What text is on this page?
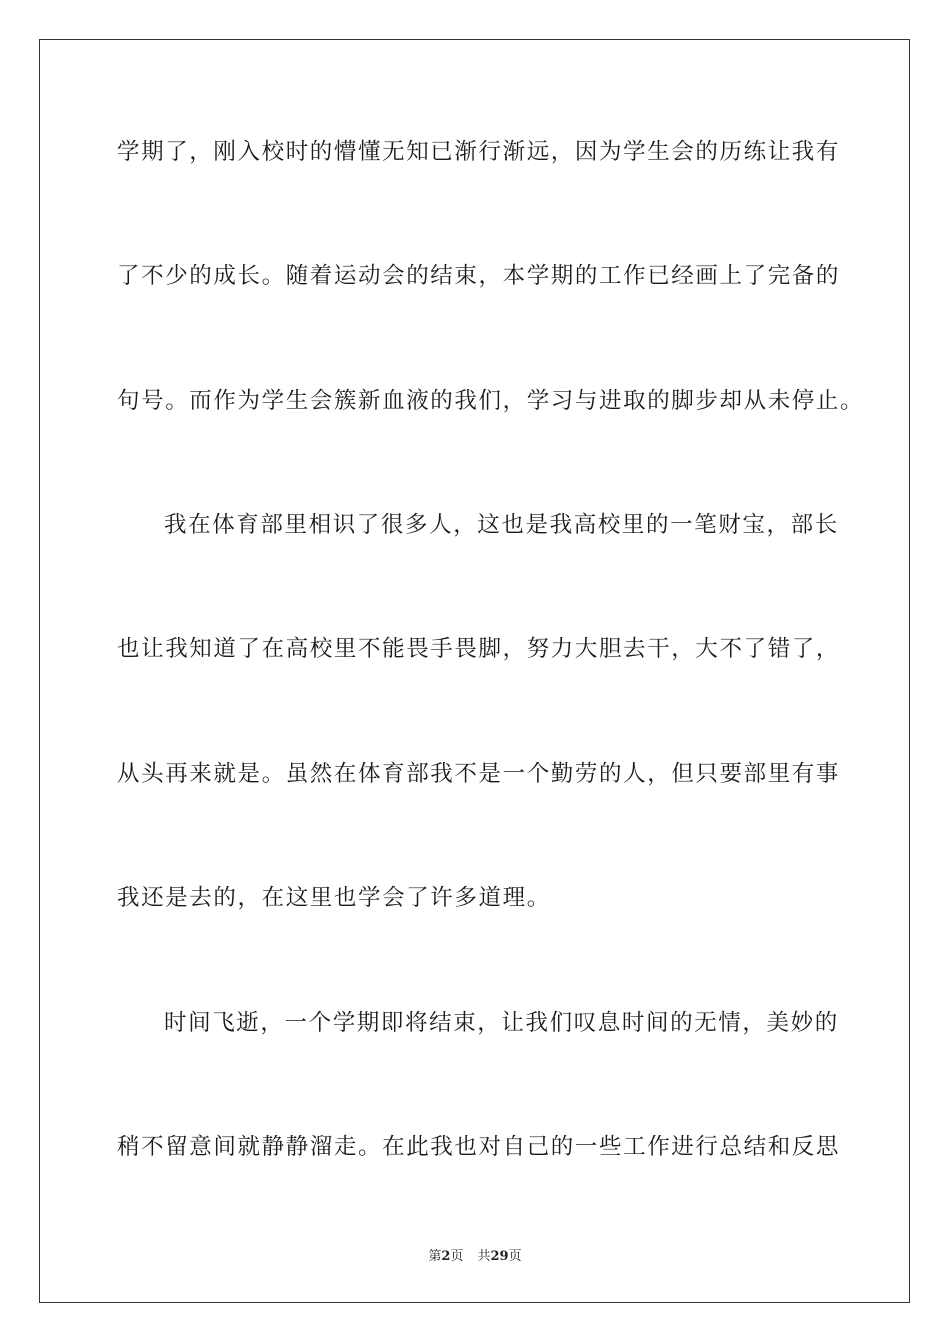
学期了，刚入校时的懵懂无知已渐行渐远，因为学生会的历练让我有
了不少的成长。随着运动会的结束，本学期的工作已经画上了完备的
句号。而作为学生会簇新血液的我们，学习与进取的脚步却从未停止。
我在体育部里相识了很多人，这也是我高校里的一笔财宝，部长
也让我知道了在高校里不能畏手畏脚，努力大胆去干，大不了错了，
从头再来就是。虽然在体育部我不是一个勤劳的人，但只要部里有事
我还是去的，在这里也学会了许多道理。
时间飞逝，一个学期即将结束，让我们叹息时间的无情，美妙的
稍不留意间就静静溜走。在此我也对自己的一些工作进行总结和反思
第2页 共29页
